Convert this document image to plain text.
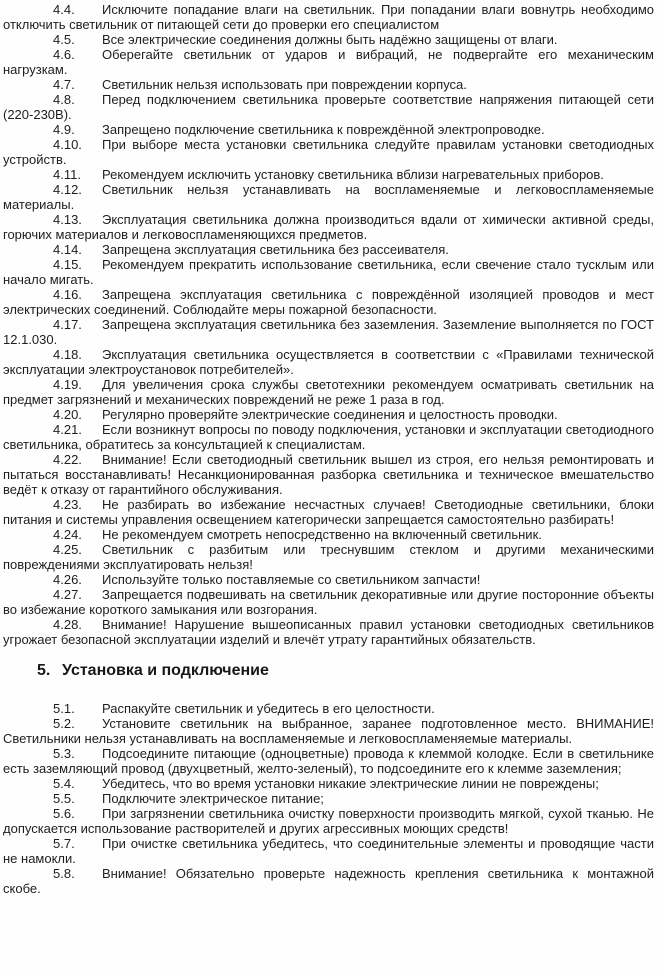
4.4. Исключите попадание влаги на светильник. При попадании влаги вовнутрь необходимо отключить светильник от питающей сети до проверки его специалистом

4.5. Все электрические соединения должны быть надёжно защищены от влаги.

4.6. Оберегайте светильник от ударов и вибраций, не подвергайте его механическим нагрузкам.

4.7. Светильник нельзя использовать при повреждении корпуса.

4.8. Перед подключением светильника проверьте соответствие напряжения питающей сети (220-230В).

4.9. Запрещено подключение светильника к повреждённой электропроводке.

4.10. При выборе места установки светильника следуйте правилам установки светодиодных устройств.

4.11. Рекомендуем исключить установку светильника вблизи нагревательных приборов.

4.12. Светильник нельзя устанавливать на воспламеняемые и легковоспламеняемые материалы.

4.13. Эксплуатация светильника должна производиться вдали от химически активной среды, горючих материалов и легковоспламеняющихся предметов.

4.14. Запрещена эксплуатация светильника без рассеивателя.

4.15. Рекомендуем прекратить использование светильника, если свечение стало тусклым или начало мигать.

4.16. Запрещена эксплуатация светильника с повреждённой изоляцией проводов и мест электрических соединений. Соблюдайте меры пожарной безопасности.

4.17. Запрещена эксплуатация светильника без заземления. Заземление выполняется по ГОСТ 12.1.030.

4.18. Эксплуатация светильника осуществляется в соответствии с «Правилами технической эксплуатации электроустановок потребителей».

4.19. Для увеличения срока службы светотехники рекомендуем осматривать светильник на предмет загрязнений и механических повреждений не реже 1 раза в год.

4.20. Регулярно проверяйте электрические соединения и целостность проводки.

4.21. Если возникнут вопросы по поводу подключения, установки и эксплуатации светодиодного светильника, обратитесь за консультацией к специалистам.

4.22. Внимание! Если светодиодный светильник вышел из строя, его нельзя ремонтировать и пытаться восстанавливать! Несанкционированная разборка светильника и техническое вмешательство ведёт к отказу от гарантийного обслуживания.

4.23. Не разбирать во избежание несчастных случаев! Светодиодные светильники, блоки питания и системы управления освещением категорически запрещается самостоятельно разбирать!

4.24. Не рекомендуем смотреть непосредственно на включенный светильник.

4.25. Светильник с разбитым или треснувшим стеклом и другими механическими повреждениями эксплуатировать нельзя!

4.26. Используйте только поставляемые со светильником запчасти!

4.27. Запрещается подвешивать на светильник декоративные или другие посторонние объекты во избежание короткого замыкания или возгорания.

4.28. Внимание! Нарушение вышеописанных правил установки светодиодных светильников угрожает безопасной эксплуатации изделий и влечёт утрату гарантийных обязательств.

5. Установка и подключение

5.1. Распакуйте светильник и убедитесь в его целостности.

5.2. Установите светильник на выбранное, заранее подготовленное место. ВНИМАНИЕ! Светильники нельзя устанавливать на воспламеняемые и легковоспламеняемые материалы.

5.3. Подсоедините питающие (одноцветные) провода к клеммой колодке. Если в светильнике есть заземляющий провод (двухцветный, желто-зеленый), то подсоедините его к клемме заземления;

5.4. Убедитесь, что во время установки никакие электрические линии не повреждены;

5.5. Подключите электрическое питание;

5.6. При загрязнении светильника очистку поверхности производить мягкой, сухой тканью. Не допускается использование растворителей и других агрессивных моющих средств!

5.7. При очистке светильника убедитесь, что соединительные элементы и проводящие части не намокли.

5.8. Внимание! Обязательно проверьте надежность крепления светильника к монтажной скобе.
